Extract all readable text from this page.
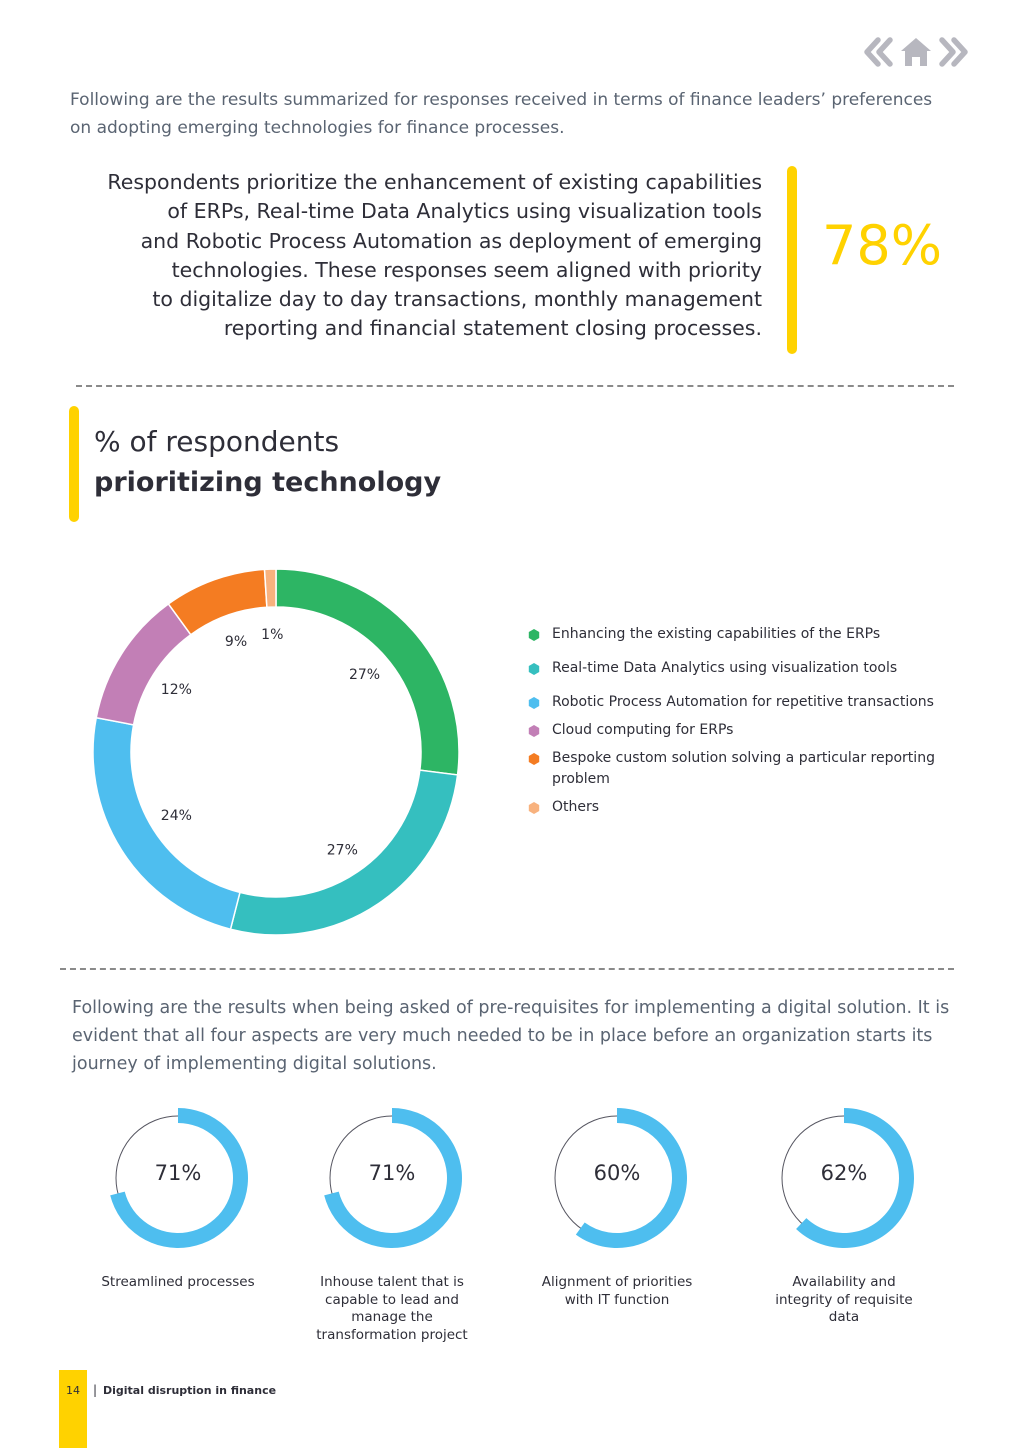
Following are the results summarized for responses received in terms of finance leaders’ preferences on adopting emerging technologies for finance processes.

Respondents prioritize the enhancement of existing capabilities
of ERPs, Real-time Data Analytics using visualization tools
and Robotic Process Automation as deployment of emerging
technologies. These responses seem aligned with priority
to digitalize day to day transactions, monthly management
reporting and financial statement closing processes.

78%
% of respondents
prioritizing technology
27%
27%
24%
12%
9% 1%	Enhancing the existing capabilities of the ERPs
Real-time Data Analytics using visualization tools
Robotic Process Automation for repetitive transactions
Cloud computing for ERPs
Bespoke custom solution solving a particular reporting problem
Others

Following are the results when being asked of pre-requisites for implementing a digital solution. It is evident that all four aspects are very much needed to be in place before an organization starts its journey of implementing digital solutions.

71%
Streamlined processes
71%
Inhouse talent that is capable to lead and manage the transformation project
60%
Alignment of priorities with IT function
62%
Availability and integrity of requisite data
14	| Digital disruption in finance
